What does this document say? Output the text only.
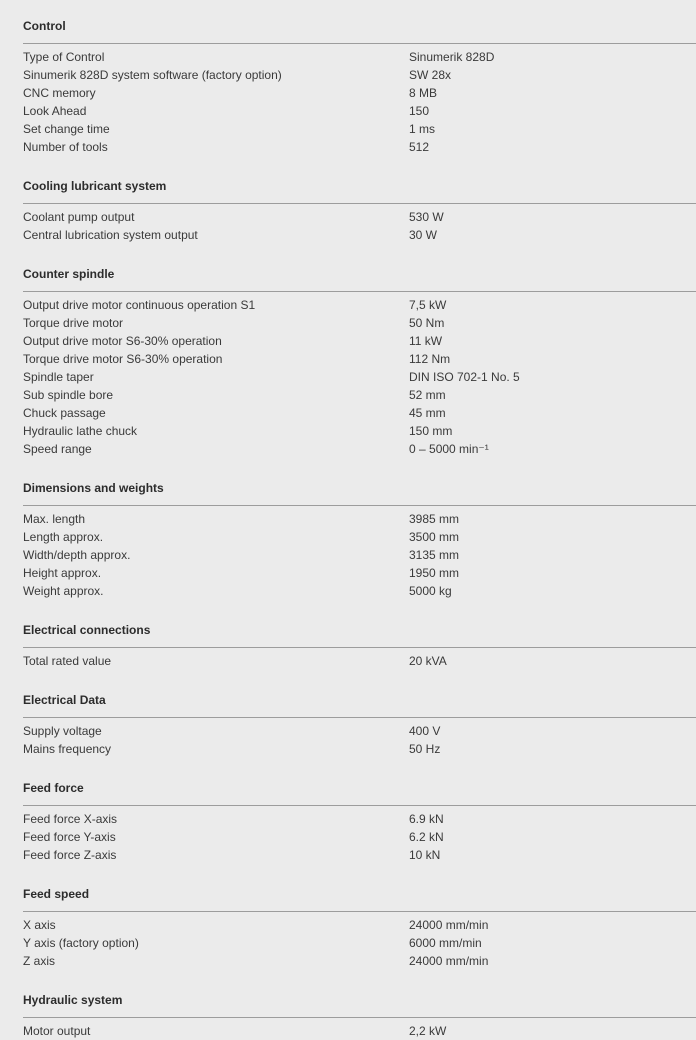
Control
Type of Control	Sinumerik 828D
Sinumerik 828D system software (factory option)	SW 28x
CNC memory	8 MB
Look Ahead	150
Set change time	1 ms
Number of tools	512
Cooling lubricant system
Coolant pump output	530 W
Central lubrication system output	30 W
Counter spindle
Output drive motor continuous operation S1	7,5 kW
Torque drive motor	50 Nm
Output drive motor S6-30% operation	11 kW
Torque drive motor S6-30% operation	112 Nm
Spindle taper	DIN ISO 702-1 No. 5
Sub spindle bore	52 mm
Chuck passage	45 mm
Hydraulic lathe chuck	150 mm
Speed range	0 – 5000 min⁻¹
Dimensions and weights
Max. length	3985 mm
Length approx.	3500 mm
Width/depth approx.	3135 mm
Height approx.	1950 mm
Weight approx.	5000 kg
Electrical connections
Total rated value	20 kVA
Electrical Data
Supply voltage	400 V
Mains frequency	50 Hz
Feed force
Feed force X-axis	6.9 kN
Feed force Y-axis	6.2 kN
Feed force Z-axis	10 kN
Feed speed
X axis	24000 mm/min
Y axis (factory option)	6000 mm/min
Z axis	24000 mm/min
Hydraulic system
Motor output	2,2 kW
